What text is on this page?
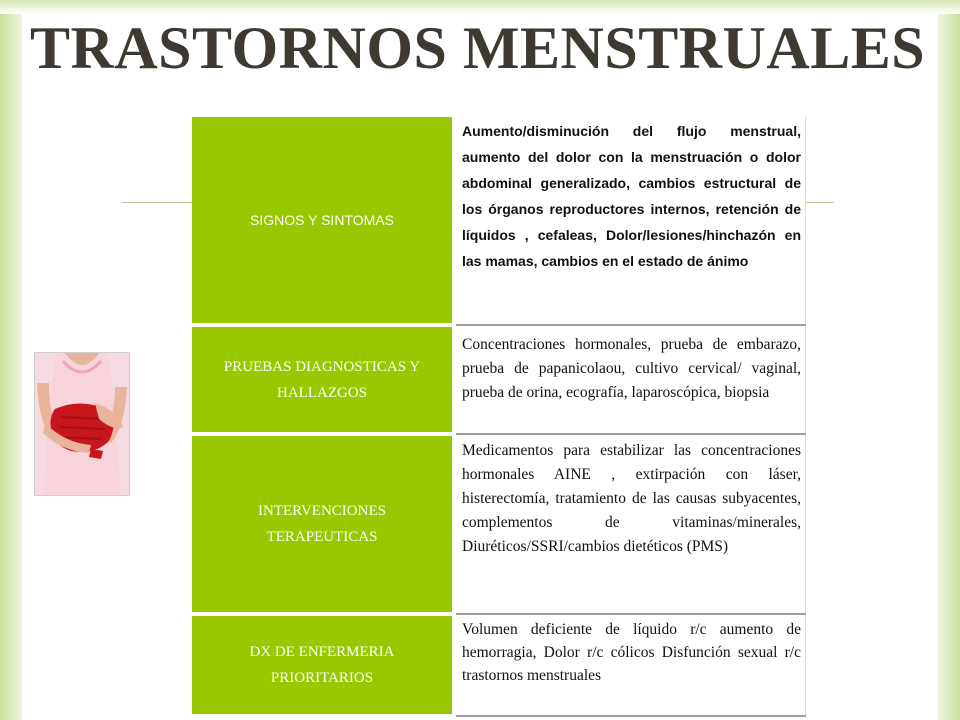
TRASTORNOS MENSTRUALES
SIGNOS Y SINTOMAS	Aumento/disminución del flujo menstrual, aumento del dolor con la menstruación o dolor abdominal generalizado, cambios estructural de los órganos reproductores internos, retención de líquidos , cefaleas, Dolor/lesiones/hinchazón en las mamas, cambios en el estado de ánimo

PRUEBAS DIAGNOSTICAS Y HALLAZGOS	Concentraciones hormonales, prueba de embarazo, prueba de papanicolaou, cultivo cervical/ vaginal, prueba de orina, ecografía, laparoscópica, biopsia

INTERVENCIONES TERAPEUTICAS	Medicamentos para estabilizar las concentraciones hormonales AINE , extirpación con láser, histerectomía, tratamiento de las causas subyacentes, complementos de vitaminas/minerales, Diuréticos/SSRI/cambios dietéticos (PMS)

DX DE ENFERMERIA PRIORITARIOS	Volumen deficiente de líquido r/c aumento de hemorragia, Dolor r/c cólicos Disfunción sexual r/c trastornos menstruales
